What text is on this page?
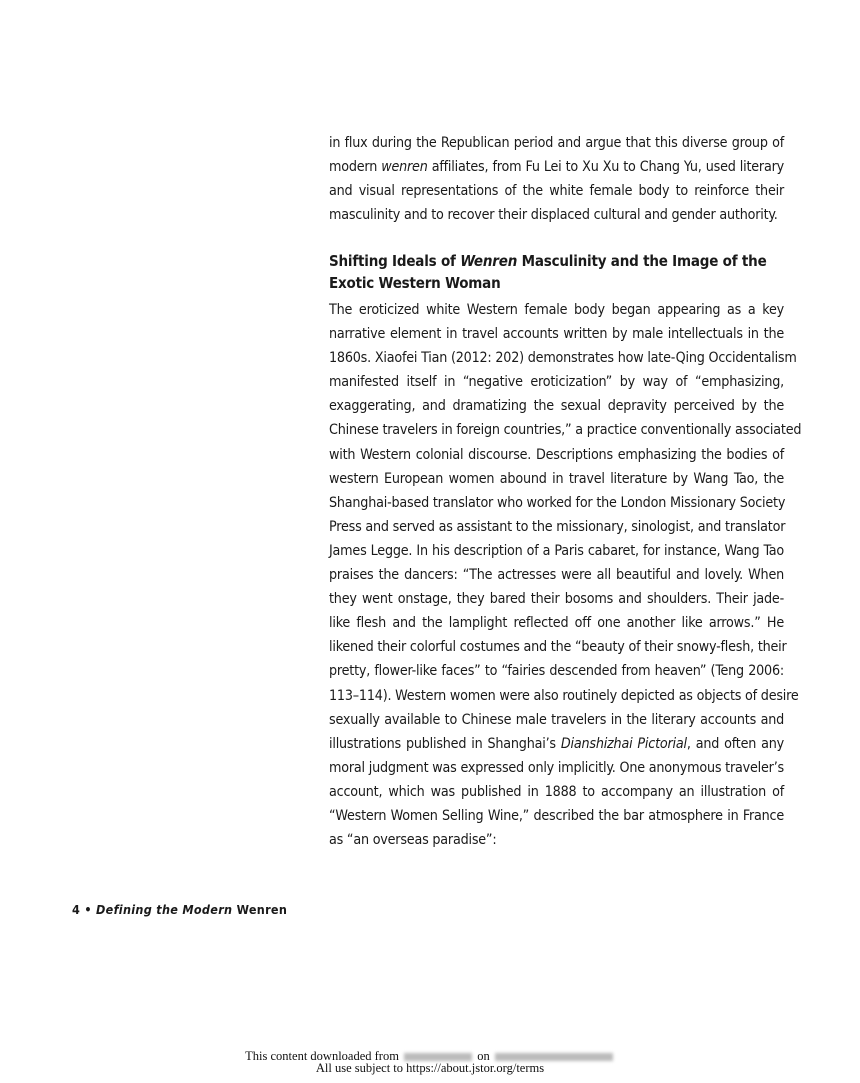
in flux during the Republican period and argue that this diverse group of
modern wenren affiliates, from Fu Lei to Xu Xu to Chang Yu, used literary
and visual representations of the white female body to reinforce their
masculinity and to recover their displaced cultural and gender authority.
Shifting Ideals of Wenren Masculinity and the Image of the
Exotic Western Woman
The eroticized white Western female body began appearing as a key
narrative element in travel accounts written by male intellectuals in the
1860s. Xiaofei Tian (2012: 202) demonstrates how late-Qing Occidentalism
manifested itself in “negative eroticization” by way of “emphasizing,
exaggerating, and dramatizing the sexual depravity perceived by the
Chinese travelers in foreign countries,” a practice conventionally associated
with Western colonial discourse. Descriptions emphasizing the bodies of
western European women abound in travel literature by Wang Tao, the
Shanghai-based translator who worked for the London Missionary Society
Press and served as assistant to the missionary, sinologist, and translator
James Legge. In his description of a Paris cabaret, for instance, Wang Tao
praises the dancers: “The actresses were all beautiful and lovely. When
they went onstage, they bared their bosoms and shoulders. Their jade-
like flesh and the lamplight reflected off one another like arrows.” He
likened their colorful costumes and the “beauty of their snowy-flesh, their
pretty, flower-like faces” to “fairies descended from heaven” (Teng 2006:
113–114). Western women were also routinely depicted as objects of desire
sexually available to Chinese male travelers in the literary accounts and
illustrations published in Shanghai’s Dianshizhai Pictorial, and often any
moral judgment was expressed only implicitly. One anonymous traveler’s
account, which was published in 1888 to accompany an illustration of
“Western Women Selling Wine,” described the bar atmosphere in France
as “an overseas paradise”:
4 • Defining the Modern Wenren
This content downloaded from	on
All use subject to https://about.jstor.org/terms
